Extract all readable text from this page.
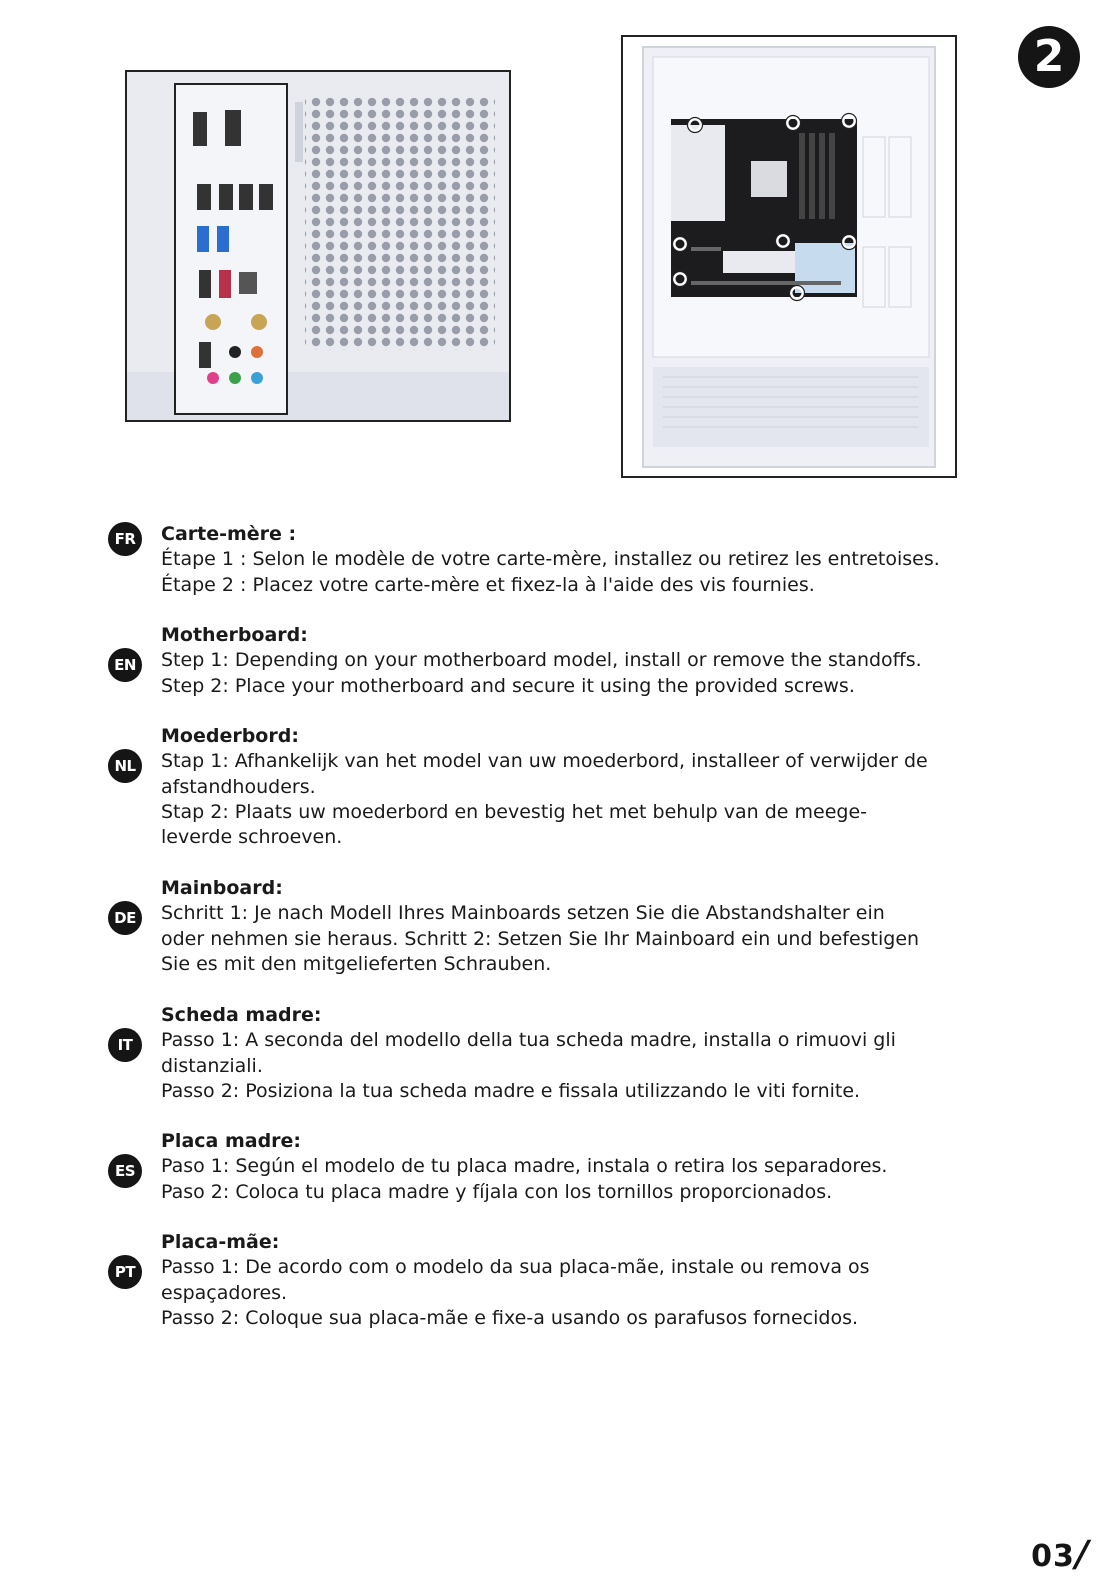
2
FR	Carte-mère :
Étape 1 : Selon le modèle de votre carte-mère, installez ou retirez les entretoises.
Étape 2 : Placez votre carte-mère et fixez-la à l'aide des vis fournies.
EN
Motherboard:
Step 1: Depending on your motherboard model, install or remove the standoffs.
Step 2: Place your motherboard and secure it using the provided screws.
NL
Moederbord:
Stap 1: Afhankelijk van het model van uw moederbord, installeer of verwijder de
afstandhouders.
Stap 2: Plaats uw moederbord en bevestig het met behulp van de meege-
leverde schroeven.
DE
Mainboard:
Schritt 1: Je nach Modell Ihres Mainboards setzen Sie die Abstandshalter ein
oder nehmen sie heraus. Schritt 2: Setzen Sie Ihr Mainboard ein und befestigen
Sie es mit den mitgelieferten Schrauben.
IT
Scheda madre:
Passo 1: A seconda del modello della tua scheda madre, installa o rimuovi gli
distanziali.
Passo 2: Posiziona la tua scheda madre e fissala utilizzando le viti fornite.
ES
Placa madre:
Paso 1: Según el modelo de tu placa madre, instala o retira los separadores.
Paso 2: Coloca tu placa madre y fíjala con los tornillos proporcionados.
PT
Placa-mãe:
Passo 1: De acordo com o modelo da sua placa-mãe, instale ou remova os
espaçadores.
Passo 2: Coloque sua placa-mãe e fixe-a usando os parafusos fornecidos.
03/
